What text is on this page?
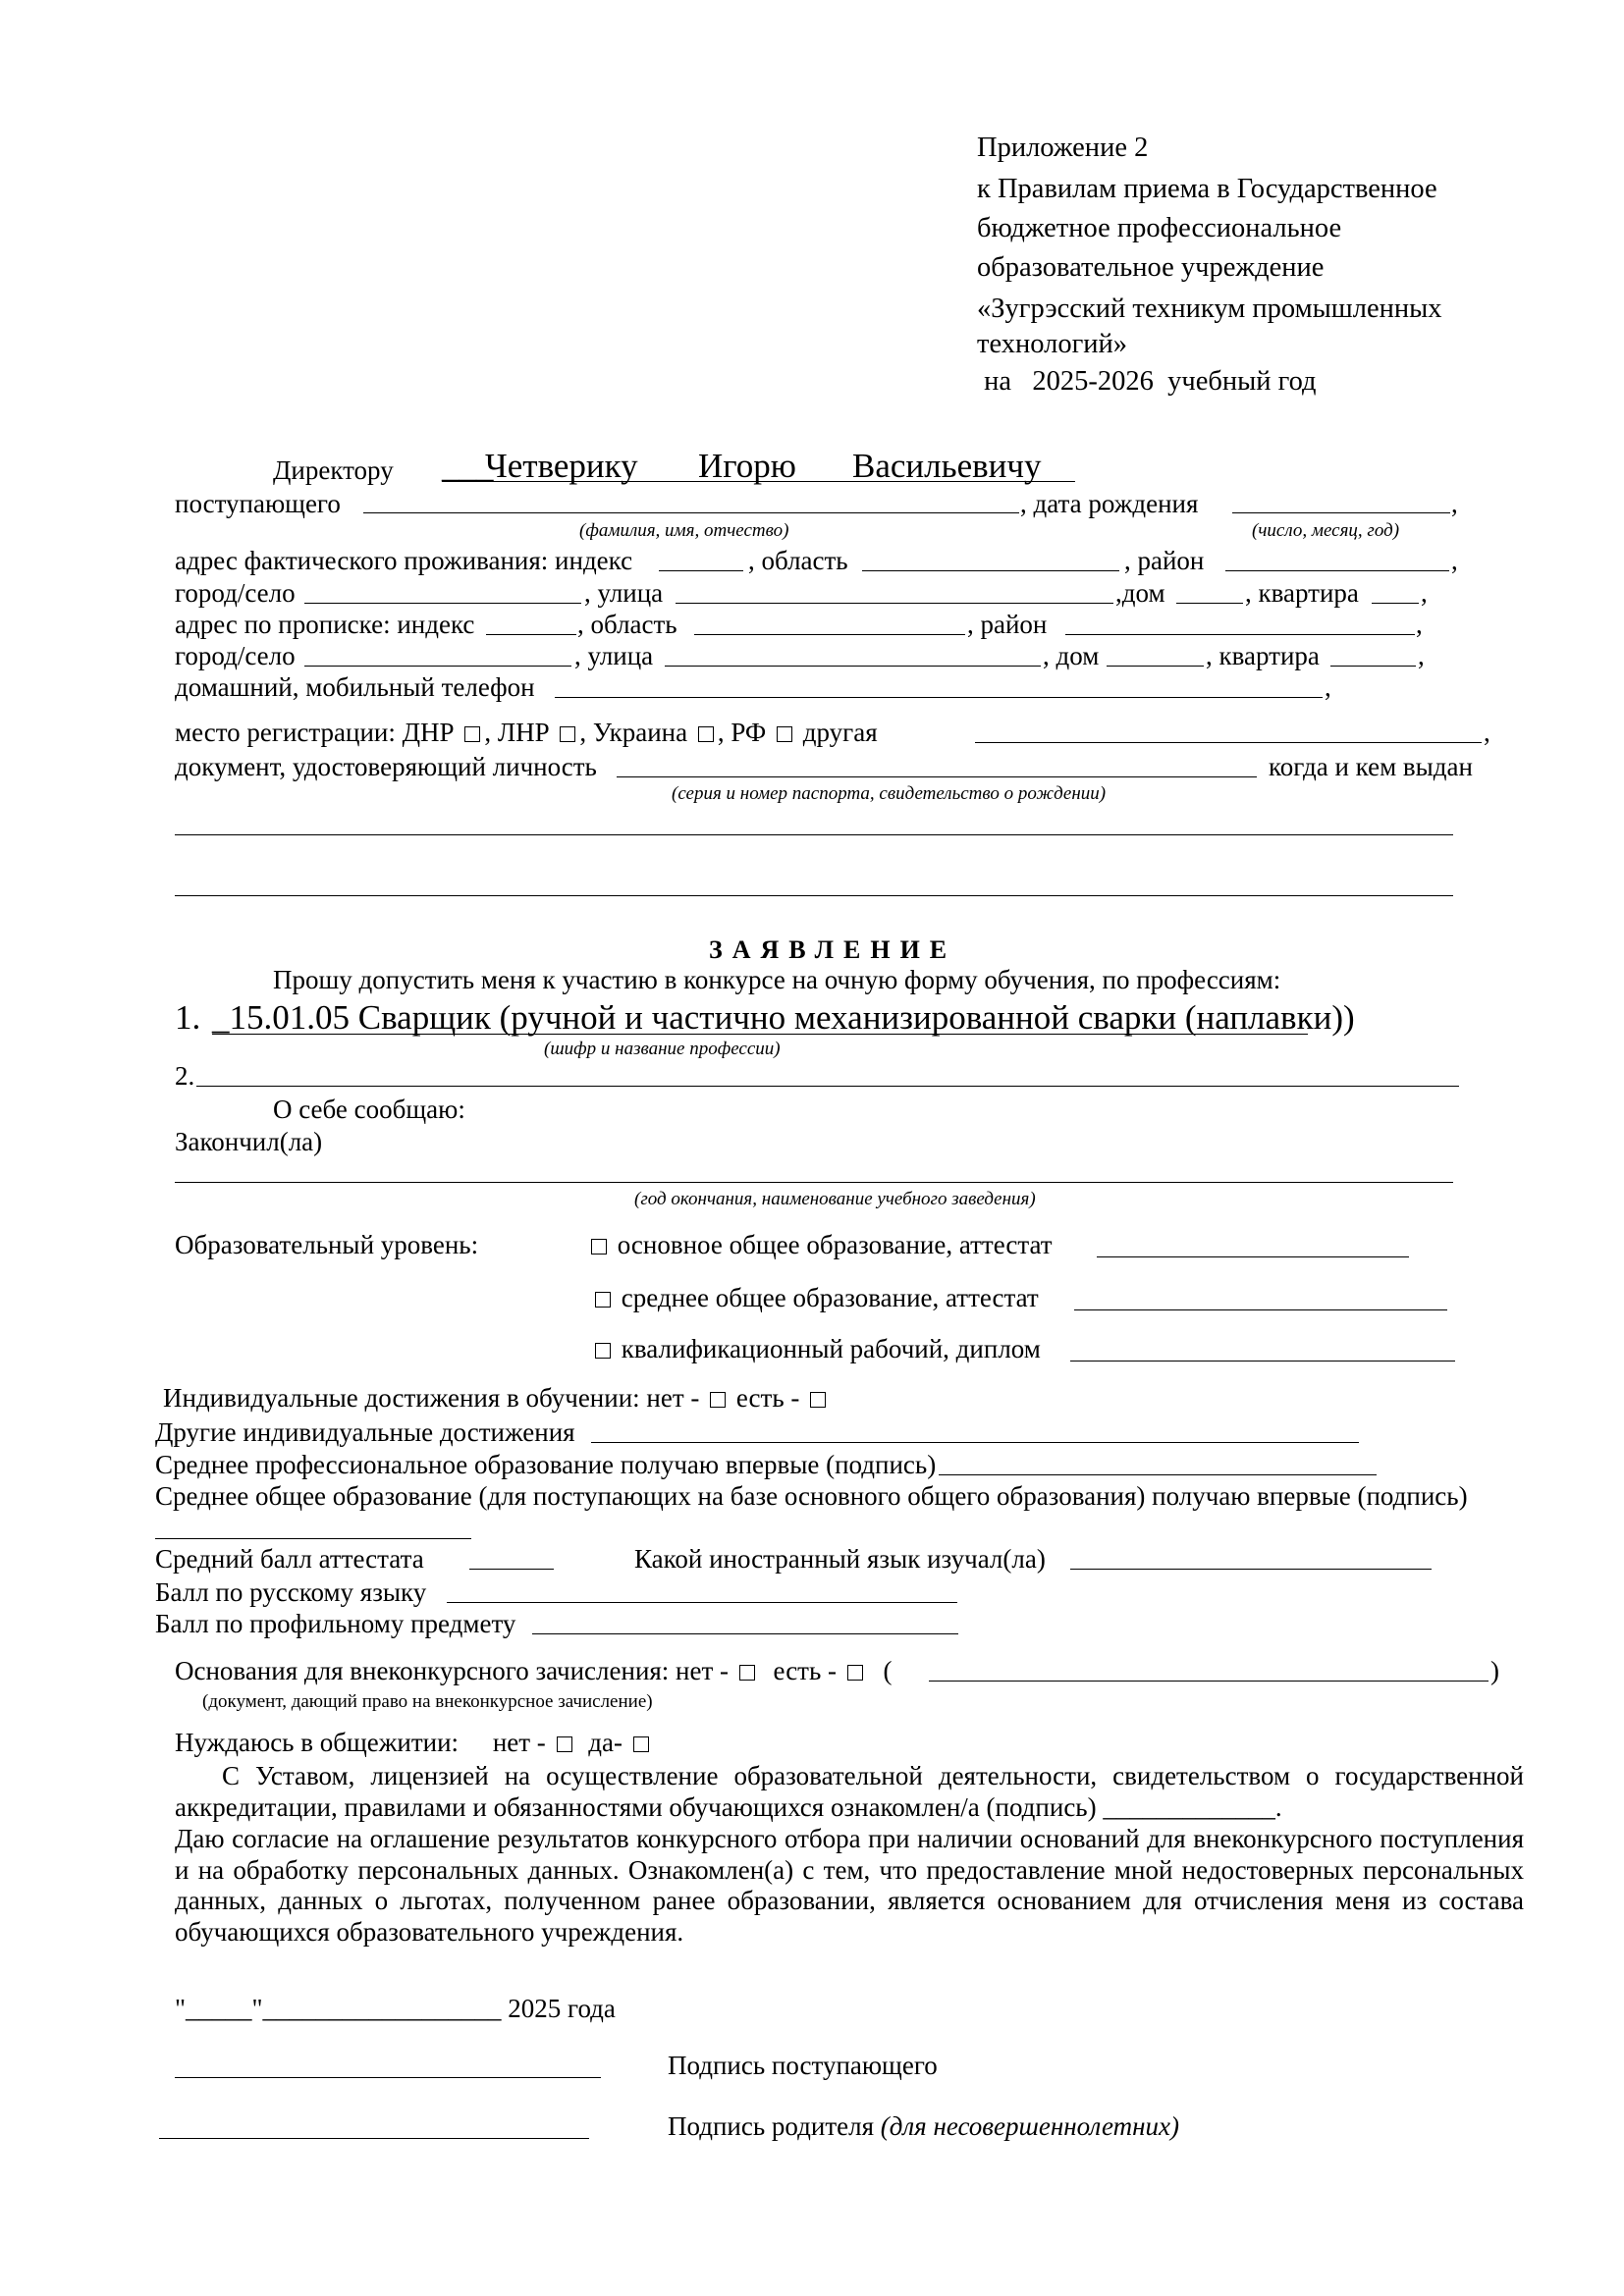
Приложение 2
к Правилам приема в Государственное
бюджетное профессиональное
образовательное учреждение
«Зугрэсский техникум промышленных
технологий»
на   2025-2026  учебный год
Директору ___
Четверику Игорю Васильевичу
поступающего	, дата рождения	,
(фамилия, имя, отчество)	(число, месяц, год)
адрес фактического проживания: индекс	, область	, район	,
город/село	, улица	,дом	, квартира ,
адрес по прописке: индекс	, область	, район	,
город/село	, улица	, дом	, квартира	,
домашний, мобильный телефон	,
место регистрации: ДНР , ЛНР , Украина , РФ другая	,
документ, удостоверяющий личность	когда и кем выдан
(серия и номер паспорта, свидетельство о рождении)
ЗАЯВЛЕНИЕ
Прошу допустить меня к участию в конкурсе на очную форму обучения, по профессиям:
1. _15.01.05 Сварщик (ручной и частично механизированной сварки (наплавки))
(шифр и название профессии)
2.
О себе сообщаю:
Закончил(ла)
(год окончания, наименование учебного заведения)
Образовательный уровень:	основное общее образование, аттестат
среднее общее образование, аттестат
квалификационный рабочий, диплом
Индивидуальные достижения в обучении: нет - есть -
Другие индивидуальные достижения
Среднее профессиональное образование получаю впервые (подпись)
Среднее общее образование (для поступающих на базе основного общего образования) получаю впервые (подпись)
Средний балл аттестата	Какой иностранный язык изучал(ла)
Балл по русскому языку
Балл по профильному предмету
Основания для внеконкурсного зачисления: нет - есть - (	)
(документ, дающий право на внеконкурсное зачисление)
Нуждаюсь в общежитии: нет - да-
С Уставом, лицензией на осуществление образовательной деятельности, свидетельством о государственной аккредитации, правилами и обязанностями обучающихся ознакомлен/а (подпись) _____________.
Даю согласие на оглашение результатов конкурсного отбора при наличии оснований для внеконкурсного поступления и на обработку персональных данных. Ознакомлен(а) с тем, что предоставление мной недостоверных персональных данных, данных о льготах, полученном ранее образовании, является основанием для отчисления меня из состава обучающихся образовательного учреждения.
"_____"__________________ 2025 года
Подпись поступающего
Подпись родителя (для несовершеннолетних)
